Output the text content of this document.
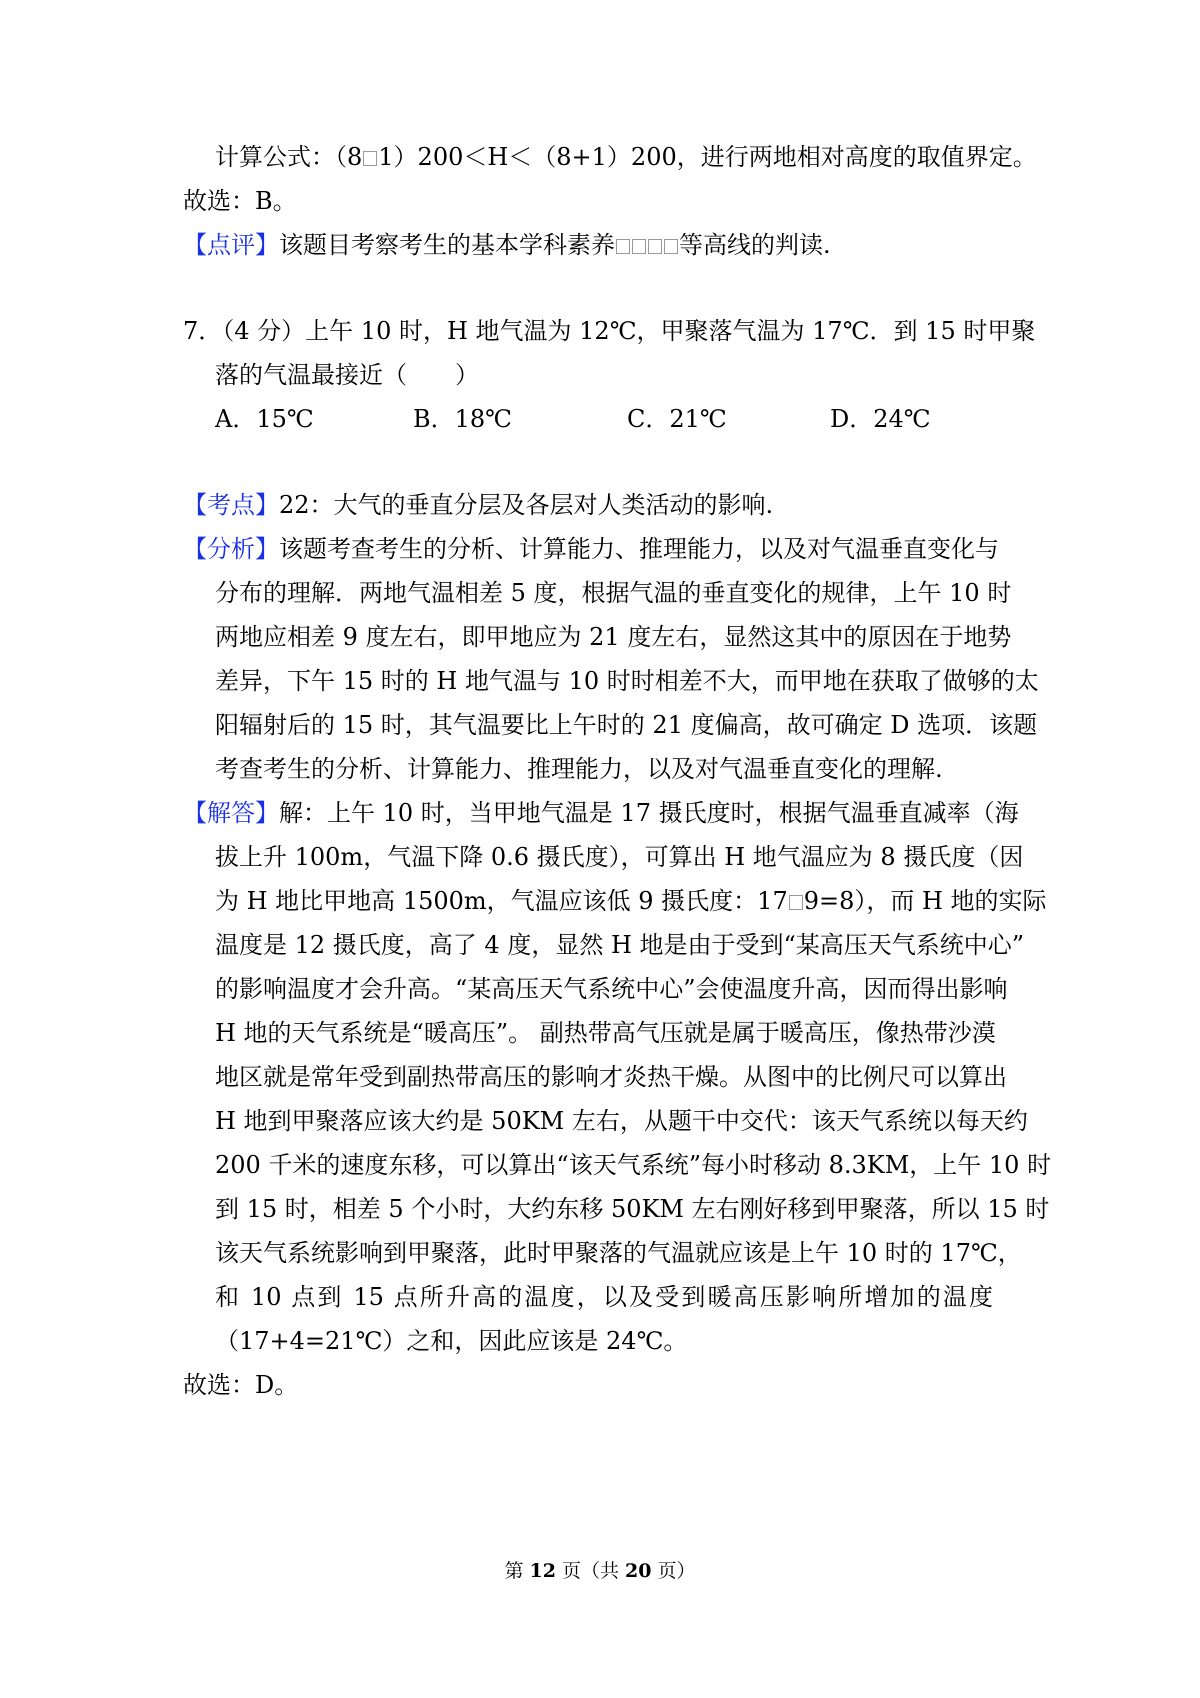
计算公式：（8 1）200＜H＜（8+1）200，进行两地相对高度的取值界定。
故选：B。
【点评】该题目考察考生的基本学科素养	等高线的判读.
7．（4 分）上午 10 时，H 地气温为 12℃，甲聚落气温为 17℃．到 15 时甲聚
落的气温最接近（　　）
A．15℃	B．18℃	C．21℃	D．24℃
【考点】22：大气的垂直分层及各层对人类活动的影响.
【分析】该题考查考生的分析、计算能力、推理能力，以及对气温垂直变化与
分布的理解．两地气温相差 5 度，根据气温的垂直变化的规律，上午 10 时
两地应相差 9 度左右，即甲地应为 21 度左右，显然这其中的原因在于地势
差异，下午 15 时的 H 地气温与 10 时时相差不大，而甲地在获取了做够的太
阳辐射后的 15 时，其气温要比上午时的 21 度偏高，故可确定 D 选项．该题
考查考生的分析、计算能力、推理能力，以及对气温垂直变化的理解.
【解答】解：上午 10 时，当甲地气温是 17 摄氏度时，根据气温垂直减率（海
拔上升 100m，气温下降 0.6 摄氏度），可算出 H 地气温应为 8 摄氏度（因
为 H 地比甲地高 1500m，气温应该低 9 摄氏度：17 9=8），而 H 地的实际
温度是 12 摄氏度，高了 4 度，显然 H 地是由于受到“某高压天气系统中心”
的影响温度才会升高。“某高压天气系统中心”会使温度升高，因而得出影响
H 地的天气系统是“暖高压”。 副热带高气压就是属于暖高压，像热带沙漠
地区就是常年受到副热带高压的影响才炎热干燥。从图中的比例尺可以算出
H 地到甲聚落应该大约是 50KM 左右，从题干中交代：该天气系统以每天约
200 千米的速度东移，可以算出“该天气系统”每小时移动 8.3KM，上午 10 时
到 15 时，相差 5 个小时，大约东移 50KM 左右刚好移到甲聚落，所以 15 时
该天气系统影响到甲聚落，此时甲聚落的气温就应该是上午 10 时的 17℃，
和 10 点到 15 点所升高的温度，以及受到暖高压影响所增加的温度
（17+4=21℃）之和，因此应该是 24℃。
故选：D。
第 12 页（共 20 页）
